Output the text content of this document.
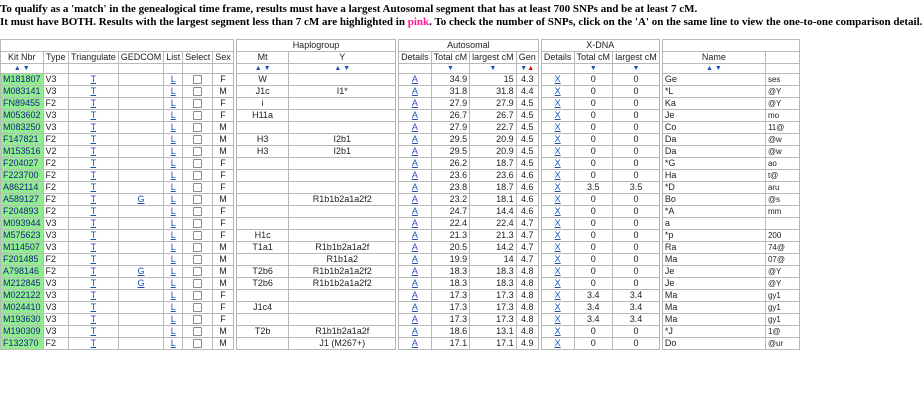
To qualify as a 'match' in the genealogical time frame, results must have a largest Autosomal segment that has at least 700 SNPs and be at least 7 cM.
It must have BOTH. Results with the largest segment less than 7 cM are highlighted in pink. To check the number of SNPs, click on the 'A' on the same line to view the one-to-one comparison detail.
								Haplogroup			Autosomal					X-DNA					
Kit Nbr	Type	Triangulate	GEDCOM	List	Select	Sex		Mt	Y		Details	Total cM	largest cM	Gen		Details	Total cM	largest cM		Name	
▲ ▼								▲ ▼	▲ ▼			▼	▼	▼▲			▼	▼		▲ ▼	
M181807	V3	T		L		F		W			A	34.9	15	4.3		X	0	0		Ge	ses
M083141	V3	T		L		M		J1c	I1*		A	31.8	31.8	4.4		X	0	0		*L	@Y
FN89455	F2	T		L		F		i			A	27.9	27.9	4.5		X	0	0		Ka	@Y
M053602	V3	T		L		F		H11a			A	26.7	26.7	4.5		X	0	0		Je	mo
M083250	V3	T		L		M					A	27.9	22.7	4.5		X	0	0		Co	11@
F147821	F2	T		L		M		H3	I2b1		A	29.5	20.9	4.5		X	0	0		Da	@w
M153516	V2	T		L		M		H3	I2b1		A	29.5	20.9	4.5		X	0	0		Da	@w
F204027	F2	T		L		F					A	26.2	18.7	4.5		X	0	0		*G	ao
F223700	F2	T		L		F					A	23.6	23.6	4.6		X	0	0		Ha	t@
A862114	F2	T		L		F					A	23.8	18.7	4.6		X	3.5	3.5		*D	aru
A589127	F2	T	G	L		M			R1b1b2a1a2f2		A	23.2	18.1	4.6		X	0	0		Bo	@s
F204893	F2	T		L		F					A	24.7	14.4	4.6		X	0	0		*A	mm
M093944	V3	T		L		F					A	22.4	22.4	4.7		X	0	0		a	
M575623	V3	T		L		F		H1c			A	21.3	21.3	4.7		X	0	0		*p	200
M114507	V3	T		L		M		T1a1	R1b1b2a1a2f		A	20.5	14.2	4.7		X	0	0		Ra	74@
F201485	F2	T		L		M			R1b1a2		A	19.9	14	4.7		X	0	0		Ma	07@
A798146	F2	T	G	L		M		T2b6	R1b1b2a1a2f2		A	18.3	18.3	4.8		X	0	0		Je	@Y
M212845	V3	T	G	L		M		T2b6	R1b1b2a1a2f2		A	18.3	18.3	4.8		X	0	0		Je	@Y
M022122	V3	T		L		F					A	17.3	17.3	4.8		X	3.4	3.4		Ma	gy1
M024410	V3	T		L		F		J1c4			A	17.3	17.3	4.8		X	3.4	3.4		Ma	gy1
M193630	V3	T		L		F					A	17.3	17.3	4.8		X	3.4	3.4		Ma	gy1
M190309	V3	T		L		M		T2b	R1b1b2a1a2f		A	18.6	13.1	4.8		X	0	0		*J	1@
F132370	F2	T		L		M			J1 (M267+)		A	17.1	17.1	4.9		X	0	0		Do	@ur
